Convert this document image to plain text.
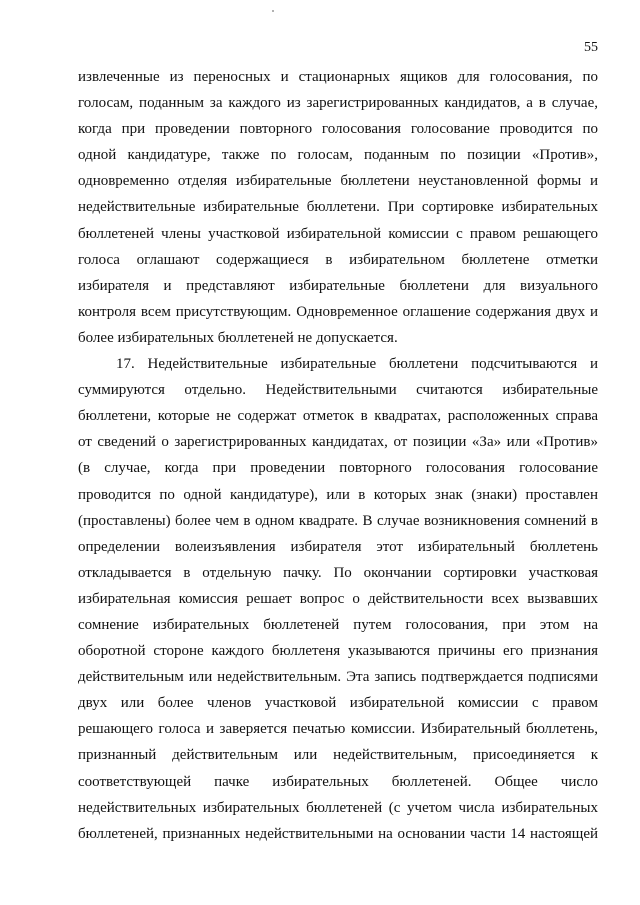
55
извлеченные из переносных и стационарных ящиков для голосования, по
голосам, поданным за каждого из зарегистрированных кандидатов, а в случае,
когда при проведении повторного голосования голосование проводится по
одной кандидатуре, также по голосам, поданным по позиции «Против»,
одновременно отделяя избирательные бюллетени неустановленной формы и
недействительные избирательные бюллетени. При сортировке избирательных
бюллетеней члены участковой избирательной комиссии с правом решающего
голоса оглашают содержащиеся в избирательном бюллетене отметки
избирателя и представляют избирательные бюллетени для визуального
контроля всем присутствующим. Одновременное оглашение содержания двух и
более избирательных бюллетеней не допускается.
17. Недействительные избирательные бюллетени подсчитываются и
суммируются отдельно. Недействительными считаются избирательные
бюллетени, которые не содержат отметок в квадратах, расположенных справа
от сведений о зарегистрированных кандидатах, от позиции «За» или «Против»
(в случае, когда при проведении повторного голосования голосование
проводится по одной кандидатуре), или в которых знак (знаки) проставлен
(проставлены) более чем в одном квадрате. В случае возникновения сомнений в
определении волеизъявления избирателя этот избирательный бюллетень
откладывается в отдельную пачку. По окончании сортировки участковая
избирательная комиссия решает вопрос о действительности всех вызвавших
сомнение избирательных бюллетеней путем голосования, при этом на
оборотной стороне каждого бюллетеня указываются причины его признания
действительным или недействительным. Эта запись подтверждается подписями
двух или более членов участковой избирательной комиссии с правом
решающего голоса и заверяется печатью комиссии. Избирательный бюллетень,
признанный действительным или недействительным, присоединяется к
соответствующей пачке избирательных бюллетеней. Общее число
недействительных избирательных бюллетеней (с учетом числа избирательных
бюллетеней, признанных недействительными на основании части 14 настоящей
